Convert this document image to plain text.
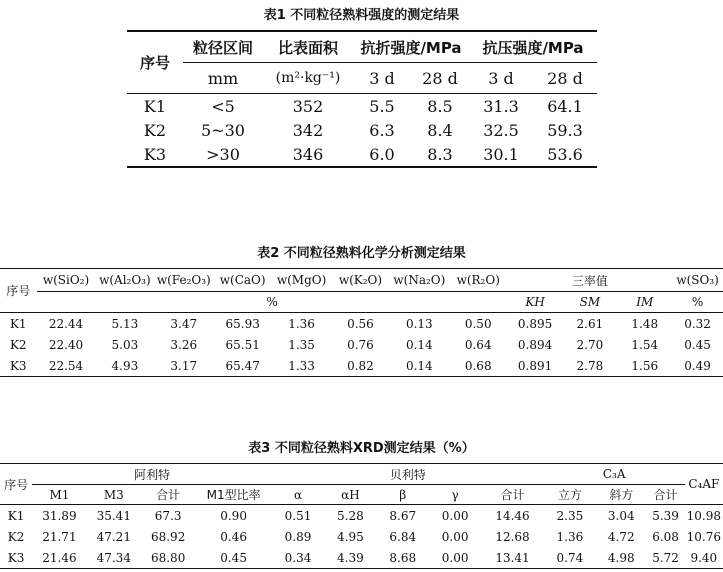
表1 不同粒径熟料强度的测定结果
序号	粒径区间	比表面积	抗折强度/MPa		抗压强度/MPa	
	mm	(m²·kg⁻¹)	3 d	28 d	3 d	28 d
K1	<5	352	5.5	8.5	31.3	64.1
K2	5~30	342	6.3	8.4	32.5	59.3
K3	>30	346	6.0	8.3	30.1	53.6
表2 不同粒径熟料化学分析测定结果
序号	w(SiO₂)	w(Al₂O₃)	w(Fe₂O₃)	w(CaO)	w(MgO)	w(K₂O)	w(Na₂O)	w(R₂O)	三率值			w(SO₃)
	%								KH	SM	IM	%
K1	22.44	5.13	3.47	65.93	1.36	0.56	0.13	0.50	0.895	2.61	1.48	0.32
K2	22.40	5.03	3.26	65.51	1.35	0.76	0.14	0.64	0.894	2.70	1.54	0.45
K3	22.54	4.93	3.17	65.47	1.33	0.82	0.14	0.68	0.891	2.78	1.56	0.49
表3 不同粒径熟料XRD测定结果（%）
序号	阿利特				贝利特					C₃A			C₄AF
	M1	M3	合计	M1型比率	α	αH	β	γ	合计	立方	斜方	合计	
K1	31.89	35.41	67.3	0.90	0.51	5.28	8.67	0.00	14.46	2.35	3.04	5.39	10.98
K2	21.71	47.21	68.92	0.46	0.89	4.95	6.84	0.00	12.68	1.36	4.72	6.08	10.76
K3	21.46	47.34	68.80	0.45	0.34	4.39	8.68	0.00	13.41	0.74	4.98	5.72	9.40
